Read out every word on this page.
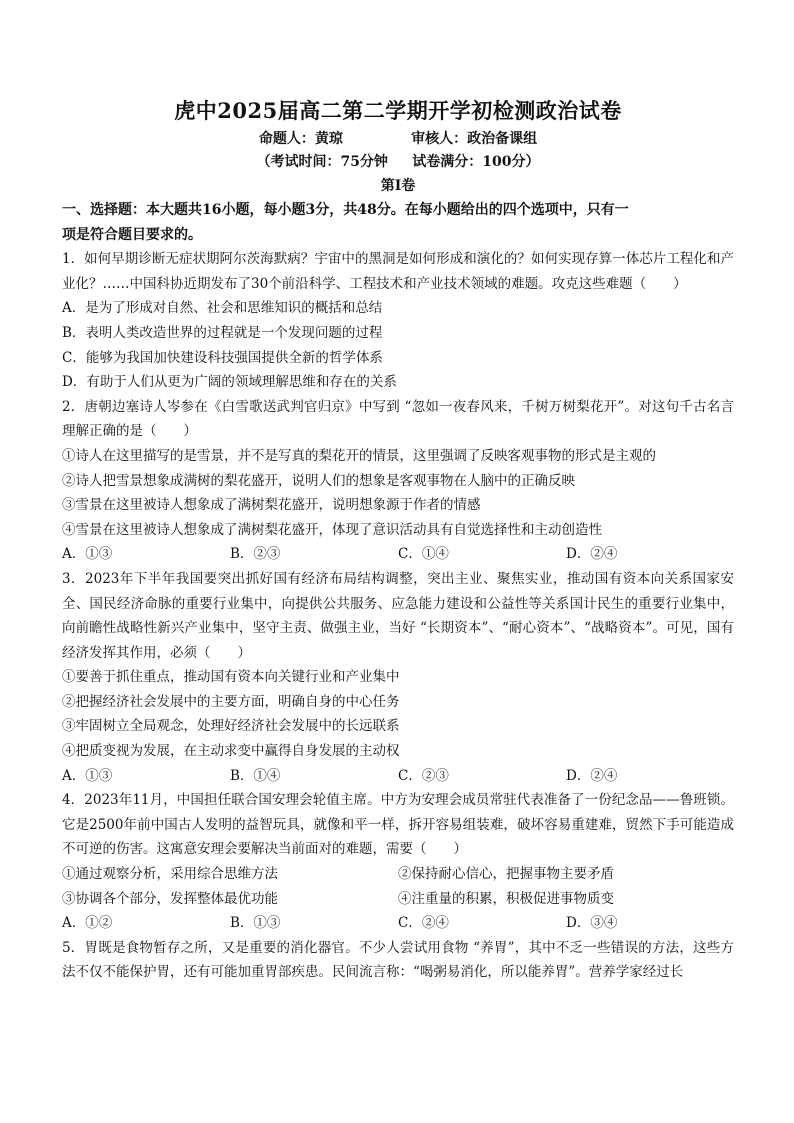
虎中2025届高二第二学期开学初检测政治试卷
命题人：黄琼              审核人：政治备课组
（考试时间：75分钟     试卷满分：100分）
第Ⅰ卷
一、选择题：本大题共16小题，每小题3分，共48分。在每小题给出的四个选项中，只有一
项是符合题目要求的。
1．如何早期诊断无症状期阿尔茨海默病？宇宙中的黑洞是如何形成和演化的？如何实现存算一体芯片工程化和产业化？……中国科协近期发布了30个前沿科学、工程技术和产业技术领域的难题。攻克这些难题（　　）
A．是为了形成对自然、社会和思维知识的概括和总结
B．表明人类改造世界的过程就是一个发现问题的过程
C．能够为我国加快建设科技强国提供全新的哲学体系
D．有助于人们从更为广阔的领域理解思维和存在的关系
2．唐朝边塞诗人岑参在《白雪歌送武判官归京》中写到 “忽如一夜春风来，千树万树梨花开”。对这句千古名言理解正确的是（　　）
①诗人在这里描写的是雪景，并不是写真的梨花开的情景，这里强调了反映客观事物的形式是主观的
②诗人把雪景想象成满树的梨花盛开，说明人们的想象是客观事物在人脑中的正确反映
③雪景在这里被诗人想象成了满树梨花盛开，说明想象源于作者的情感
④雪景在这里被诗人想象成了满树梨花盛开，体现了意识活动具有自觉选择性和主动创造性
A．①③	B．②③	C．①④	D．②④
3．2023年下半年我国要突出抓好国有经济布局结构调整，突出主业、聚焦实业，推动国有资本向关系国家安全、国民经济命脉的重要行业集中，向提供公共服务、应急能力建设和公益性等关系国计民生的重要行业集中，向前瞻性战略性新兴产业集中，坚守主责、做强主业，当好 “长期资本”、“耐心资本”、“战略资本”。可见，国有经济发挥其作用，必须（　　）
①要善于抓住重点，推动国有资本向关键行业和产业集中
②把握经济社会发展中的主要方面，明确自身的中心任务
③牢固树立全局观念，处理好经济社会发展中的长远联系
④把质变视为发展，在主动求变中赢得自身发展的主动权
A．①③	B．①④	C．②③	D．②④
4．2023年11月，中国担任联合国安理会轮值主席。中方为安理会成员常驻代表准备了一份纪念品——鲁班锁。它是2500年前中国古人发明的益智玩具，就像和平一样，拆开容易组装难，破坏容易重建难，贸然下手可能造成不可逆的伤害。这寓意安理会要解决当前面对的难题，需要（　　）
①通过观察分析，采用综合思维方法	②保持耐心信心，把握事物主要矛盾
③协调各个部分，发挥整体最优功能	④注重量的积累，积极促进事物质变
A．①②	B．①③	C．②④	D．③④
5．胃既是食物暂存之所，又是重要的消化器官。不少人尝试用食物 “养胃”，其中不乏一些错误的方法，这些方法不仅不能保护胃，还有可能加重胃部疾患。民间流言称：“喝粥易消化，所以能养胃”。营养学家经过长
